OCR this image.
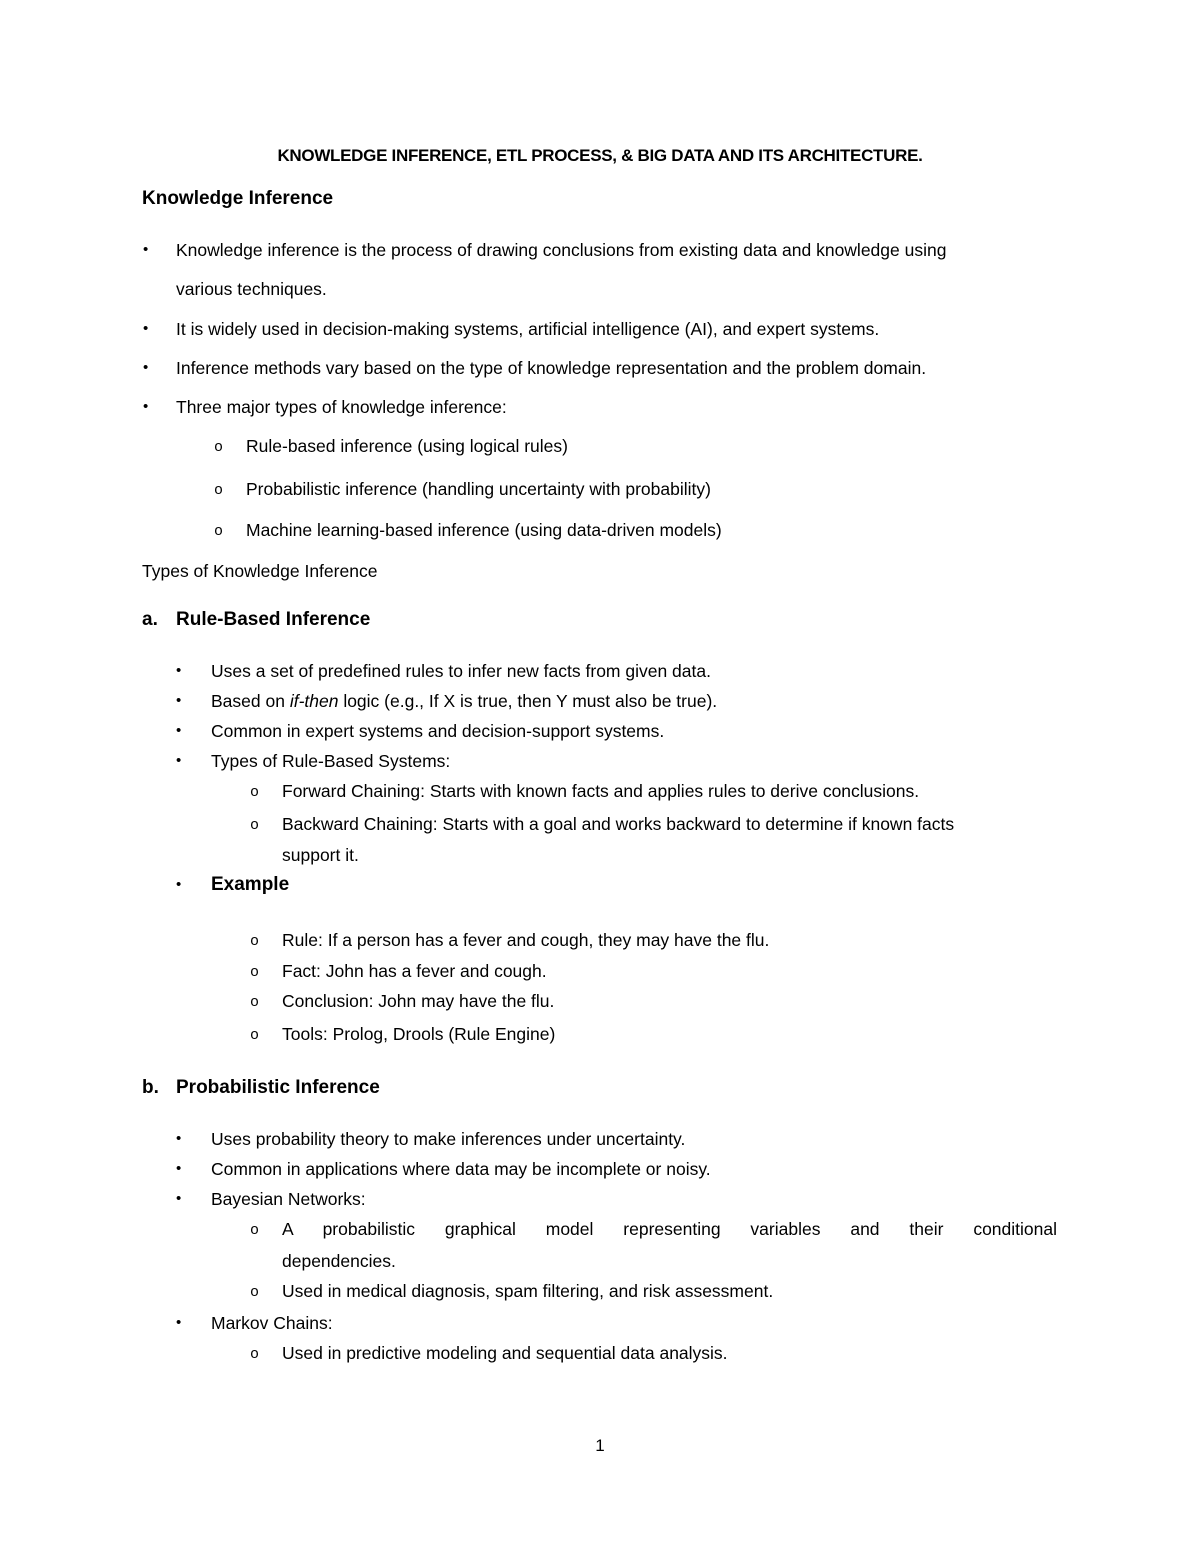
KNOWLEDGE INFERENCE, ETL PROCESS, & BIG DATA AND ITS ARCHITECTURE.
Knowledge Inference
• Knowledge inference is the process of drawing conclusions from existing data and knowledge using
various techniques.
• It is widely used in decision-making systems, artificial intelligence (AI), and expert systems.
• Inference methods vary based on the type of knowledge representation and the problem domain.
• Three major types of knowledge inference:
o Rule-based inference (using logical rules)
o Probabilistic inference (handling uncertainty with probability)
o Machine learning-based inference (using data-driven models)
Types of Knowledge Inference
a. Rule-Based Inference
• Uses a set of predefined rules to infer new facts from given data.
• Based on if-then logic (e.g., If X is true, then Y must also be true).
• Common in expert systems and decision-support systems.
• Types of Rule-Based Systems:
o Forward Chaining: Starts with known facts and applies rules to derive conclusions.
o Backward Chaining: Starts with a goal and works backward to determine if known facts
support it.
• Example
o Rule: If a person has a fever and cough, they may have the flu.
o Fact: John has a fever and cough.
o Conclusion: John may have the flu.
o Tools: Prolog, Drools (Rule Engine)
b. Probabilistic Inference
• Uses probability theory to make inferences under uncertainty.
• Common in applications where data may be incomplete or noisy.
• Bayesian Networks:
o A probabilistic graphical model representing variables and their conditional
dependencies.
o Used in medical diagnosis, spam filtering, and risk assessment.
• Markov Chains:
o Used in predictive modeling and sequential data analysis.
1
